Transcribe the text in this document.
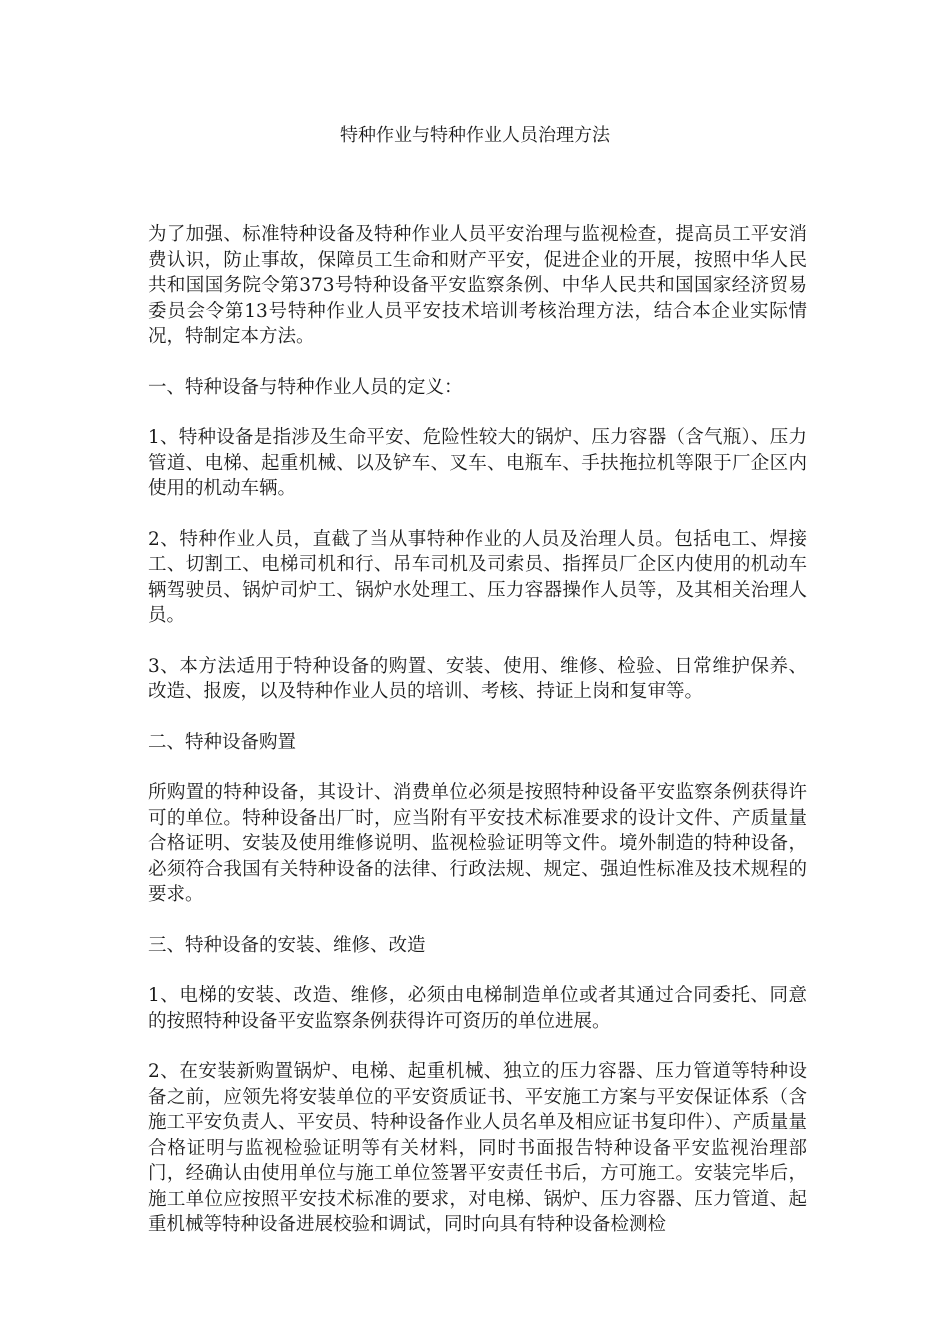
特种作业与特种作业人员治理方法

为了加强、标准特种设备及特种作业人员平安治理与监视检查，提高员工平安消费认识，防止事故，保障员工生命和财产平安，促进企业的开展，按照中华人民共和国国务院令第373号特种设备平安监察条例、中华人民共和国国家经济贸易委员会令第13号特种作业人员平安技术培训考核治理方法，结合本企业实际情况，特制定本方法。

一、特种设备与特种作业人员的定义：

1、特种设备是指涉及生命平安、危险性较大的锅炉、压力容器（含气瓶）、压力管道、电梯、起重机械、以及铲车、叉车、电瓶车、手扶拖拉机等限于厂企区内使用的机动车辆。

2、特种作业人员，直截了当从事特种作业的人员及治理人员。包括电工、焊接工、切割工、电梯司机和行、吊车司机及司索员、指挥员厂企区内使用的机动车辆驾驶员、锅炉司炉工、锅炉水处理工、压力容器操作人员等，及其相关治理人员。

3、本方法适用于特种设备的购置、安装、使用、维修、检验、日常维护保养、改造、报废，以及特种作业人员的培训、考核、持证上岗和复审等。

二、特种设备购置

所购置的特种设备，其设计、消费单位必须是按照特种设备平安监察条例获得许可的单位。特种设备出厂时，应当附有平安技术标准要求的设计文件、产质量量合格证明、安装及使用维修说明、监视检验证明等文件。境外制造的特种设备，必须符合我国有关特种设备的法律、行政法规、规定、强迫性标准及技术规程的要求。

三、特种设备的安装、维修、改造

1、电梯的安装、改造、维修，必须由电梯制造单位或者其通过合同委托、同意的按照特种设备平安监察条例获得许可资历的单位进展。

2、在安装新购置锅炉、电梯、起重机械、独立的压力容器、压力管道等特种设备之前，应领先将安装单位的平安资质证书、平安施工方案与平安保证体系（含施工平安负责人、平安员、特种设备作业人员名单及相应证书复印件）、产质量量合格证明与监视检验证明等有关材料，同时书面报告特种设备平安监视治理部门，经确认由使用单位与施工单位签署平安责任书后，方可施工。安装完毕后，施工单位应按照平安技术标准的要求，对电梯、锅炉、压力容器、压力管道、起重机械等特种设备进展校验和调试，同时向具有特种设备检测检
